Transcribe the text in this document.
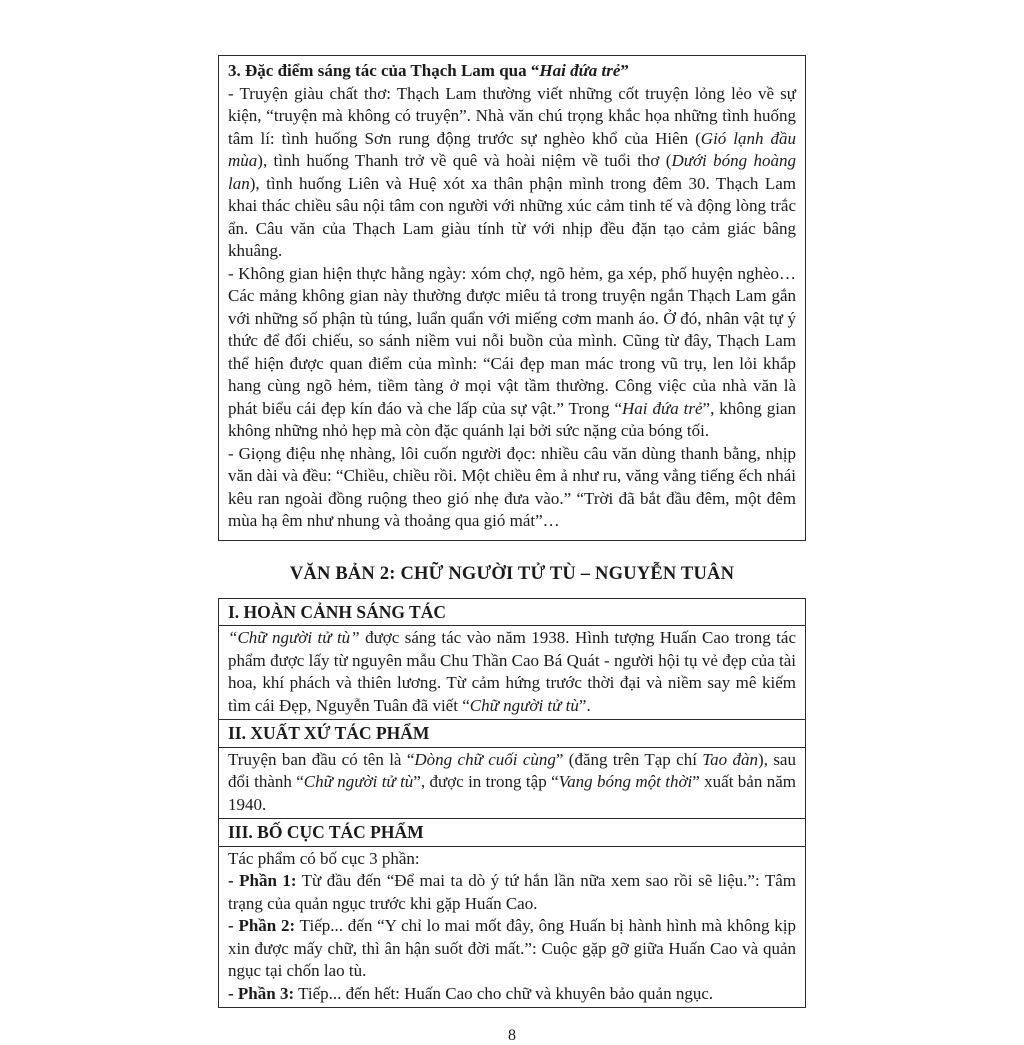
3. Đặc điểm sáng tác của Thạch Lam qua “Hai đứa trẻ”

- Truyện giàu chất thơ: Thạch Lam thường viết những cốt truyện lỏng lẻo về sự kiện, “truyện mà không có truyện”. Nhà văn chú trọng khắc họa những tình huống tâm lí: tình huống Sơn rung động trước sự nghèo khổ của Hiên (Gió lạnh đầu mùa), tình huống Thanh trở về quê và hoài niệm về tuổi thơ (Dưới bóng hoàng lan), tình huống Liên và Huệ xót xa thân phận mình trong đêm 30. Thạch Lam khai thác chiều sâu nội tâm con người với những xúc cảm tinh tế và động lòng trắc ẩn. Câu văn của Thạch Lam giàu tính từ với nhịp đều đặn tạo cảm giác bâng khuâng.

- Không gian hiện thực hằng ngày: xóm chợ, ngõ hẻm, ga xép, phố huyện nghèo… Các mảng không gian này thường được miêu tả trong truyện ngắn Thạch Lam gắn với những số phận tù túng, luẩn quẩn với miếng cơm manh áo. Ở đó, nhân vật tự ý thức để đối chiếu, so sánh niềm vui nỗi buồn của mình. Cũng từ đây, Thạch Lam thể hiện được quan điểm của mình: “Cái đẹp man mác trong vũ trụ, len lỏi khắp hang cùng ngõ hẻm, tiềm tàng ở mọi vật tầm thường. Công việc của nhà văn là phát biểu cái đẹp kín đáo và che lấp của sự vật.” Trong “Hai đứa trẻ”, không gian không những nhỏ hẹp mà còn đặc quánh lại bởi sức nặng của bóng tối.

- Giọng điệu nhẹ nhàng, lôi cuốn người đọc: nhiều câu văn dùng thanh bằng, nhịp văn dài và đều: “Chiều, chiều rồi. Một chiều êm ả như ru, văng vẳng tiếng ếch nhái kêu ran ngoài đồng ruộng theo gió nhẹ đưa vào.” “Trời đã bắt đầu đêm, một đêm mùa hạ êm như nhung và thoảng qua gió mát”…

VĂN BẢN 2: CHỮ NGƯỜI TỬ TÙ – NGUYỄN TUÂN
I. HOÀN CẢNH SÁNG TÁC

“Chữ người tử tù” được sáng tác vào năm 1938. Hình tượng Huấn Cao trong tác phẩm được lấy từ nguyên mẫu Chu Thần Cao Bá Quát - người hội tụ vẻ đẹp của tài hoa, khí phách và thiên lương. Từ cảm hứng trước thời đại và niềm say mê kiếm tìm cái Đẹp, Nguyễn Tuân đã viết “Chữ người tử tù”.

II. XUẤT XỨ TÁC PHẨM

Truyện ban đầu có tên là “Dòng chữ cuối cùng” (đăng trên Tạp chí Tao đàn), sau đổi thành “Chữ người tử tù”, được in trong tập “Vang bóng một thời” xuất bản năm 1940.

III. BỐ CỤC TÁC PHẨM

Tác phẩm có bố cục 3 phần:

- Phần 1: Từ đầu đến “Để mai ta dò ý tứ hắn lần nữa xem sao rồi sẽ liệu.”: Tâm trạng của quản ngục trước khi gặp Huấn Cao.

- Phần 2: Tiếp... đến “Y chỉ lo mai mốt đây, ông Huấn bị hành hình mà không kịp xin được mấy chữ, thì ân hận suốt đời mất.”: Cuộc gặp gỡ giữa Huấn Cao và quản ngục tại chốn lao tù.

- Phần 3: Tiếp... đến hết: Huấn Cao cho chữ và khuyên bảo quản ngục.

8
